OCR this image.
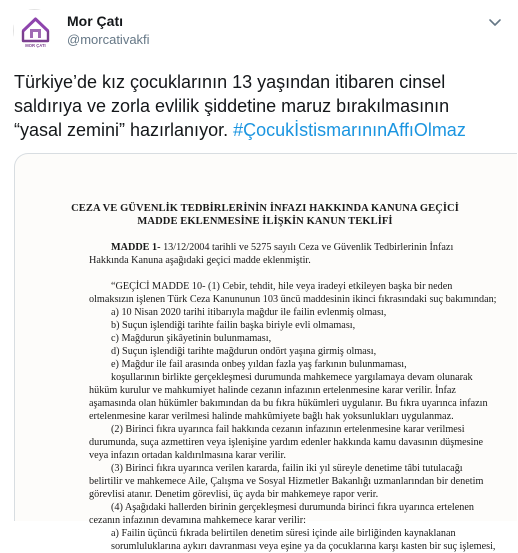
MOR ÇATI
Mor Çatı
@morcativakfi
Türkiye’de kız çocuklarının 13 yaşından itibaren cinsel
saldırıya ve zorla evlilik şiddetine maruz bırakılmasının
“yasal zemini” hazırlanıyor. #ÇocukİstismarınınAffıOlmaz
CEZA VE GÜVENLİK TEDBİRLERİNİN İNFAZI HAKKINDA KANUNA GEÇİCİ
MADDE EKLENMESİNE İLİŞKİN KANUN TEKLİFİ
MADDE 1- 13/12/2004 tarihli ve 5275 sayılı Ceza ve Güvenlik Tedbirlerinin İnfazı
Hakkında Kanuna aşağıdaki geçici madde eklenmiştir.
“GEÇİCİ MADDE 10- (1) Cebir, tehdit, hile veya iradeyi etkileyen başka bir neden
olmaksızın işlenen Türk Ceza Kanununun 103 üncü maddesinin ikinci fıkrasındaki suç bakımından;
a) 10 Nisan 2020 tarihi itibarıyla mağdur ile failin evlenmiş olması,
b) Suçun işlendiği tarihte failin başka biriyle evli olmaması,
c) Mağdurun şikâyetinin bulunmaması,
d) Suçun işlendiği tarihte mağdurun ondört yaşına girmiş olması,
e) Mağdur ile fail arasında onbeş yıldan fazla yaş farkının bulunmaması,
koşullarının birlikte gerçekleşmesi durumunda mahkemece yargılamaya devam olunarak
hüküm kurulur ve mahkumiyet halinde cezanın infazının ertelenmesine karar verilir. İnfaz
aşamasında olan hükümler bakımından da bu fıkra hükümleri uygulanır. Bu fıkra uyarınca infazın
ertelenmesine karar verilmesi halinde mahkûmiyete bağlı hak yoksunlukları uygulanmaz.
(2) Birinci fıkra uyarınca fail hakkında cezanın infazının ertelenmesine karar verilmesi
durumunda, suça azmettiren veya işlenişine yardım edenler hakkında kamu davasının düşmesine
veya infazın ortadan kaldırılmasına karar verilir.
(3) Birinci fıkra uyarınca verilen kararda, failin iki yıl süreyle denetime tâbi tutulacağı
belirtilir ve mahkemece Aile, Çalışma ve Sosyal Hizmetler Bakanlığı uzmanlarından bir denetim
görevlisi atanır. Denetim görevlisi, üç ayda bir mahkemeye rapor verir.
(4) Aşağıdaki hallerden birinin gerçekleşmesi durumunda birinci fıkra uyarınca ertelenen
cezanın infazının devamına mahkemece karar verilir:
a) Failin üçüncü fıkrada belirtilen denetim süresi içinde aile birliğinden kaynaklanan
sorumluluklarına aykırı davranması veya eşine ya da çocuklarına karşı kasten bir suç işlemesi,
